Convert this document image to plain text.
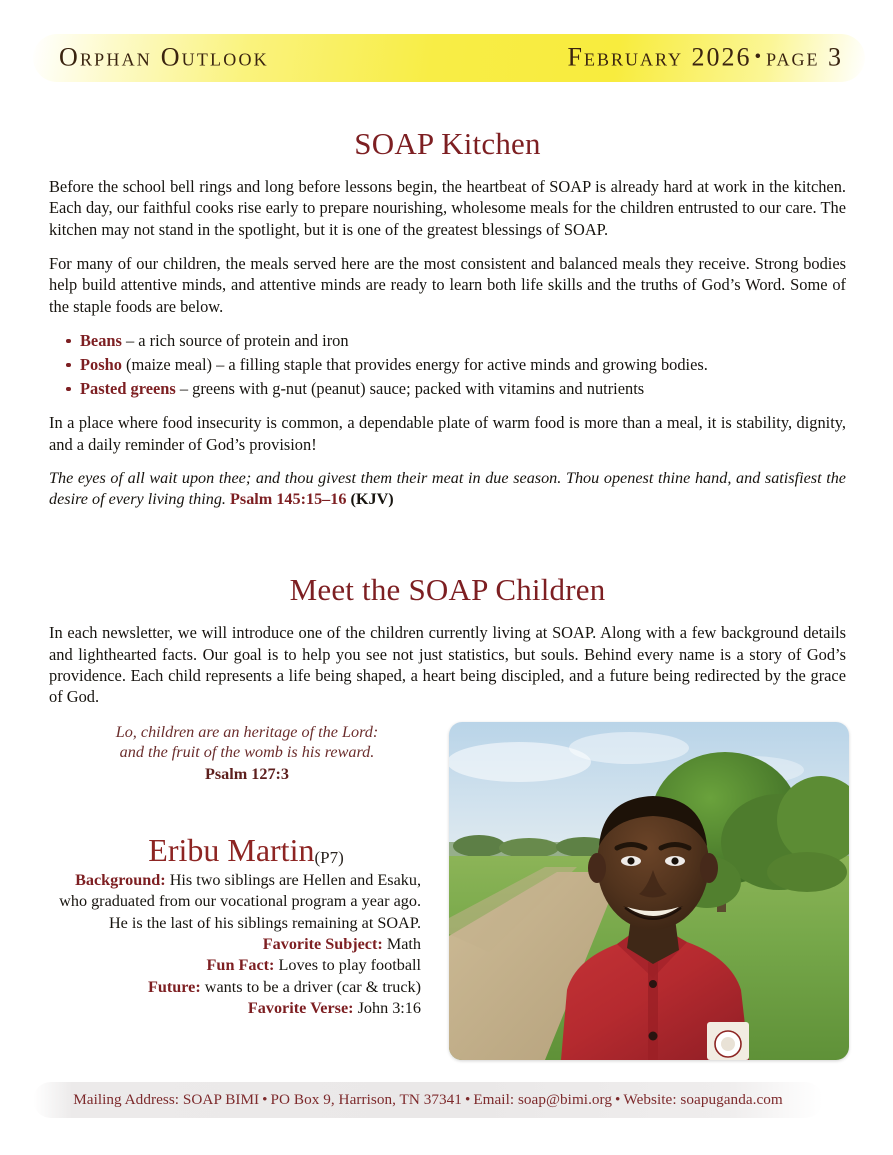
Orphan Outlook	February 2026 • page 3
SOAP Kitchen

Before the school bell rings and long before lessons begin, the heartbeat of SOAP is already hard at work in the kitchen. Each day, our faithful cooks rise early to prepare nourishing, wholesome meals for the children entrusted to our care. The kitchen may not stand in the spotlight, but it is one of the greatest blessings of SOAP.

For many of our children, the meals served here are the most consistent and balanced meals they receive. Strong bodies help build attentive minds, and attentive minds are ready to learn both life skills and the truths of God’s Word. Some of the staple foods are below.

Beans – a rich source of protein and iron
Posho (maize meal) – a filling staple that provides energy for active minds and growing bodies.
Pasted greens – greens with g-nut (peanut) sauce; packed with vitamins and nutrients

In a place where food insecurity is common, a dependable plate of warm food is more than a meal, it is stability, dignity, and a daily reminder of God’s provision!

The eyes of all wait upon thee; and thou givest them their meat in due season. Thou openest thine hand, and satisfiest the desire of every living thing. Psalm 145:15–16 (KJV)

Meet the SOAP Children

In each newsletter, we will introduce one of the children currently living at SOAP. Along with a few background details and lighthearted facts. Our goal is to help you see not just statistics, but souls. Behind every name is a story of God’s providence. Each child represents a life being shaped, a heart being discipled, and a future being redirected by the grace of God.

Lo, children are an heritage of the Lord:
and the fruit of the womb is his reward.
Psalm 127:3
Eribu Martin(P7)

Background: His two siblings are Hellen and Esaku, who graduated from our vocational program a year ago. He is the last of his siblings remaining at SOAP.

Favorite Subject: Math

Fun Fact: Loves to play football

Future: wants to be a driver (car & truck)

Favorite Verse: John 3:16

Mailing Address: SOAP BIMI • PO Box 9, Harrison, TN 37341 • Email: soap@bimi.org • Website: soapuganda.com
